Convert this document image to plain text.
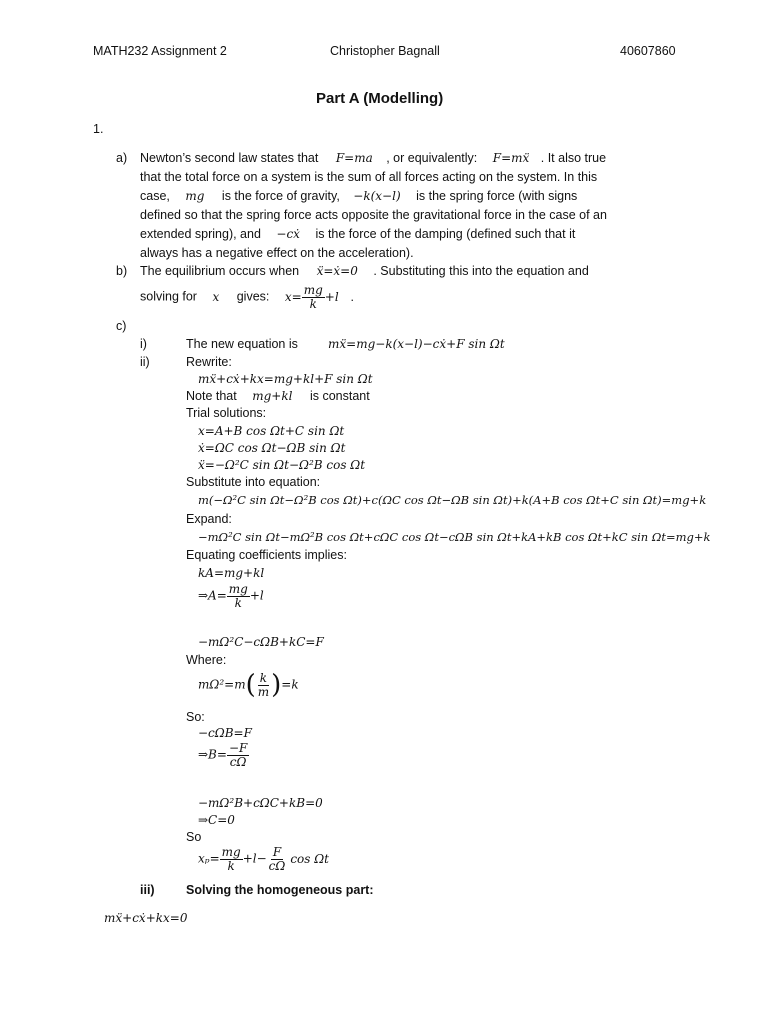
MATH232 Assignment 2	Christopher Bagnall	40607860
Part A (Modelling)
1.
a) Newton’s second law states that F=ma , or equivalently: F=mẍ . It also true
that the total force on a system is the sum of all forces acting on the system. In this
case, mg is the force of gravity, −k(x−l) is the spring force (with signs
defined so that the spring force acts opposite the gravitational force in the case of an
extended spring), and −cẋ is the force of the damping (defined such that it
always has a negative effect on the acceleration).
b) The equilibrium occurs when ẍ=ẋ=0 . Substituting this into the equation and
solving for x gives: $x= \frac{mg}{k} +l$ .
c)
i)	The new equation is	mẍ=mg−k(x−l)−cẋ+F sin Ωt
ii)	Rewrite:
mẍ+cẋ+kx=mg+kl+F sin Ωt
Note that mg+kl is constant
Trial solutions:
x=A+B cos Ωt+C sin Ωt
ẋ=ΩC cos Ωt−ΩB sin Ωt
ẍ=−Ω²C sin Ωt−Ω²B cos Ωt
Substitute into equation:
m(−Ω²C sin Ωt−Ω²B cos Ωt)+c(ΩC cos Ωt−ΩB sin Ωt)+k(A+B cos Ωt+C sin Ωt)=mg+k
Expand:
−mΩ²C sin Ωt−mΩ²B cos Ωt+cΩC cos Ωt−cΩB sin Ωt+kA+kB cos Ωt+kC sin Ωt=mg+k
Equating coefficients implies:
kA=mg+kl
⇒A= $\frac{mg}{k} +l$
−mΩ²C−cΩB+kC=F
Where:
$m\Omega^2=m( \frac{k}{m} )=k$
So:
−cΩB=F
⇒B= $\frac{-F}{c\Omega}$
−mΩ²B+cΩC+kB=0
⇒C=0
So
$x_p= \frac{mg}{k} +l- \frac{F}{c\Omega}$ cos Ωt
iii)	Solving the homogeneous part:
mẍ+cẋ+kx=0
